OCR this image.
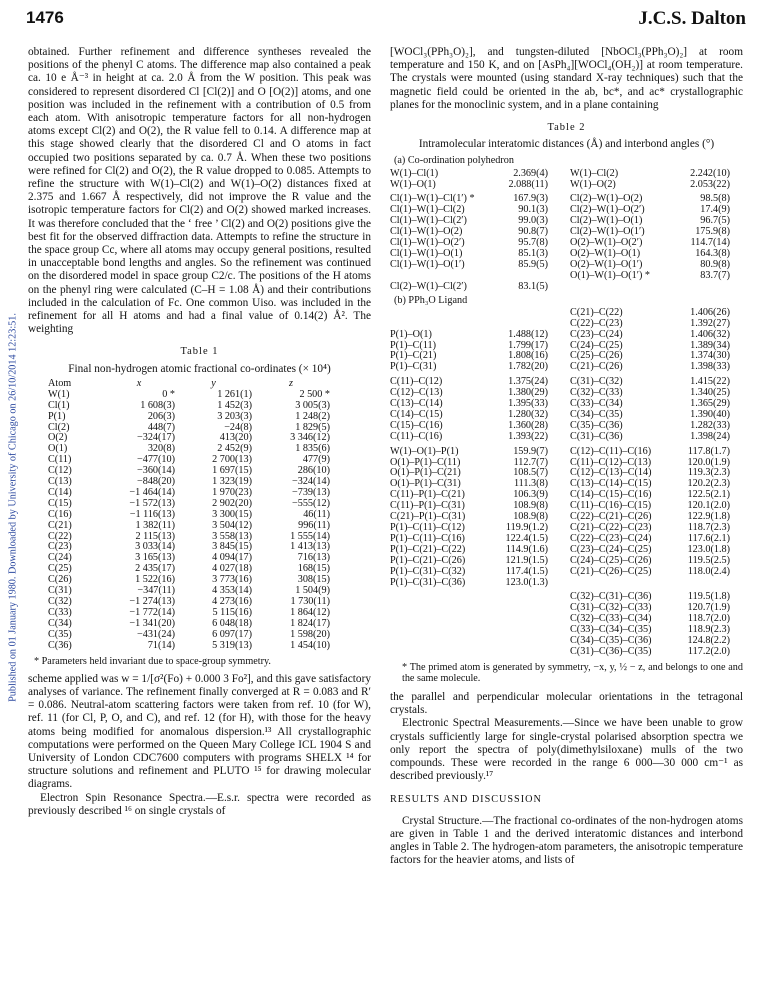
1476	J.C.S. Dalton
Published on 01 January 1980. Downloaded by University of Chicago on 26/10/2014 12:23:51.

obtained. Further refinement and difference syntheses revealed the positions of the phenyl C atoms. The difference map also contained a peak ca. 10 e Å⁻³ in height at ca. 2.0 Å from the W position. This peak was considered to represent disordered Cl [Cl(2)] and O [O(2)] atoms, and one position was included in the refinement with a contribution of 0.5 from each atom. With anisotropic temperature factors for all non-hydrogen atoms except Cl(2) and O(2), the R value fell to 0.14. A difference map at this stage showed clearly that the disordered Cl and O atoms in fact occupied two positions separated by ca. 0.7 Å. When these two positions were refined for Cl(2) and O(2), the R value dropped to 0.085. Attempts to refine the structure with W(1)–Cl(2) and W(1)–O(2) distances fixed at 2.375 and 1.667 Å respectively, did not improve the R value and the isotropic temperature factors for Cl(2) and O(2) showed marked increases. It was therefore concluded that the ‘ free ’ Cl(2) and O(2) positions give the best fit for the observed diffraction data. Attempts to refine the structure in the space group Cc, where all atoms may occupy general positions, resulted in unacceptable bond lengths and angles. So the refinement was continued on the disordered model in space group C2/c. The positions of the H atoms on the phenyl ring were calculated (C–H = 1.08 Å) and their contributions included in the calculation of Fc. One common Uiso. was included in the refinement for all H atoms and had a final value of 0.14(2) Å². The weighting

Table 1
Final non-hydrogen atomic fractional co-ordinates (× 10⁴)
Atom	x	y	z
W(1)	0 *	1 261(1)	2 500 *
Cl(1)	1 608(3)	1 452(3)	3 005(3)
P(1)	206(3)	3 203(3)	1 248(2)
Cl(2)	448(7)	−24(8)	1 829(5)
O(2)	−324(17)	413(20)	3 346(12)
O(1)	320(8)	2 452(9)	1 835(6)
C(11)	−477(10)	2 700(13)	477(9)
C(12)	−360(14)	1 697(15)	286(10)
C(13)	−848(20)	1 323(19)	−324(14)
C(14)	−1 464(14)	1 970(23)	−739(13)
C(15)	−1 572(13)	2 902(20)	−555(12)
C(16)	−1 116(13)	3 300(15)	46(11)
C(21)	1 382(11)	3 504(12)	996(11)
C(22)	2 115(13)	3 558(13)	1 555(14)
C(23)	3 033(14)	3 845(15)	1 413(13)
C(24)	3 165(13)	4 094(17)	716(13)
C(25)	2 435(17)	4 027(18)	168(15)
C(26)	1 522(16)	3 773(16)	308(15)
C(31)	−347(11)	4 353(14)	1 504(9)
C(32)	−1 274(13)	4 273(16)	1 730(11)
C(33)	−1 772(14)	5 115(16)	1 864(12)
C(34)	−1 341(20)	6 048(18)	1 824(17)
C(35)	−431(24)	6 097(17)	1 598(20)
C(36)	71(14)	5 319(13)	1 454(10)
* Parameters held invariant due to space-group symmetry.

scheme applied was w = 1/[σ²(Fo) + 0.000 3 Fo²], and this gave satisfactory analyses of variance. The refinement finally converged at R = 0.083 and R′ = 0.086. Neutral-atom scattering factors were taken from ref. 10 (for W), ref. 11 (for Cl, P, O, and C), and ref. 12 (for H), with those for the heavy atoms being modified for anomalous dispersion.¹³ All crystallographic computations were performed on the Queen Mary College ICL 1904 S and University of London CDC7600 computers with programs SHELX ¹⁴ for structure solutions and refinement and PLUTO ¹⁵ for drawing molecular diagrams.

Electron Spin Resonance Spectra.—E.s.r. spectra were recorded as previously described ¹⁶ on single crystals of

[WOCl₃(PPh₃O)₂], and tungsten-diluted [NbOCl₃(PPh₃O)₂] at room temperature and 150 K, and on [AsPh₄][WOCl₄(OH₂)] at room temperature. The crystals were mounted (using standard X-ray techniques) such that the magnetic field could be oriented in the ab, bc*, and ac* crystallographic planes for the monoclinic system, and in a plane containing

Table 2
Intramolecular interatomic distances (Å) and interbond angles (°)
(a) Co-ordination polyhedron
W(1)–Cl(1)	2.369(4)		W(1)–Cl(2)	2.242(10)
W(1)–O(1)	2.088(11)		W(1)–O(2)	2.053(22)
Cl(1)–W(1)–Cl(1′) *	167.9(3)		Cl(2)–W(1)–O(2)	98.5(8)
Cl(1)–W(1)–Cl(2)	90.1(3)		Cl(2)–W(1)–O(2′)	17.4(9)
Cl(1)–W(1)–Cl(2′)	99.0(3)		Cl(2)–W(1)–O(1)	96.7(5)
Cl(1)–W(1)–O(2)	90.8(7)		Cl(2)–W(1)–O(1′)	175.9(8)
Cl(1)–W(1)–O(2′)	95.7(8)		O(2)–W(1)–O(2′)	114.7(14)
Cl(1)–W(1)–O(1)	85.1(3)		O(2)–W(1)–O(1)	164.3(8)
Cl(1)–W(1)–O(1′)	85.9(5)		O(2)–W(1)–O(1′)	80.9(8)
			O(1)–W(1)–O(1′) *	83.7(7)
Cl(2)–W(1)–Cl(2′)	83.1(5)			
(b) PPh₃O Ligand
			C(21)–C(22)	1.406(26)
			C(22)–C(23)	1.392(27)
P(1)–O(1)	1.488(12)		C(23)–C(24)	1.406(32)
P(1)–C(11)	1.799(17)		C(24)–C(25)	1.389(34)
P(1)–C(21)	1.808(16)		C(25)–C(26)	1.374(30)
P(1)–C(31)	1.782(20)		C(21)–C(26)	1.398(33)
C(11)–C(12)	1.375(24)		C(31)–C(32)	1.415(22)
C(12)–C(13)	1.380(29)		C(32)–C(33)	1.340(25)
C(13)–C(14)	1.395(33)		C(33)–C(34)	1.365(29)
C(14)–C(15)	1.280(32)		C(34)–C(35)	1.390(40)
C(15)–C(16)	1.360(28)		C(35)–C(36)	1.282(33)
C(11)–C(16)	1.393(22)		C(31)–C(36)	1.398(24)
W(1)–O(1)–P(1)	159.9(7)		C(12)–C(11)–C(16)	117.8(1.7)
O(1)–P(1)–C(11)	112.7(7)		C(11)–C(12)–C(13)	120.0(1.9)
O(1)–P(1)–C(21)	108.5(7)		C(12)–C(13)–C(14)	119.3(2.3)
O(1)–P(1)–C(31)	111.3(8)		C(13)–C(14)–C(15)	120.2(2.3)
C(11)–P(1)–C(21)	106.3(9)		C(14)–C(15)–C(16)	122.5(2.1)
C(11)–P(1)–C(31)	108.9(8)		C(11)–C(16)–C(15)	120.1(2.0)
C(21)–P(1)–C(31)	108.9(8)		C(22)–C(21)–C(26)	122.9(1.8)
P(1)–C(11)–C(12)	119.9(1.2)		C(21)–C(22)–C(23)	118.7(2.3)
P(1)–C(11)–C(16)	122.4(1.5)		C(22)–C(23)–C(24)	117.6(2.1)
P(1)–C(21)–C(22)	114.9(1.6)		C(23)–C(24)–C(25)	123.0(1.8)
P(1)–C(21)–C(26)	121.9(1.5)		C(24)–C(25)–C(26)	119.5(2.5)
P(1)–C(31)–C(32)	117.4(1.5)		C(21)–C(26)–C(25)	118.0(2.4)
P(1)–C(31)–C(36)	123.0(1.3)			
			C(32)–C(31)–C(36)	119.5(1.8)
			C(31)–C(32)–C(33)	120.7(1.9)
			C(32)–C(33)–C(34)	118.7(2.0)
			C(33)–C(34)–C(35)	118.9(2.3)
			C(34)–C(35)–C(36)	124.8(2.2)
			C(31)–C(36)–C(35)	117.2(2.0)
* The primed atom is generated by symmetry, −x, y, ½ − z, and belongs to one and the same molecule.

the parallel and perpendicular molecular orientations in the tetragonal crystals.

Electronic Spectral Measurements.—Since we have been unable to grow crystals sufficiently large for single-crystal polarised absorption spectra we only report the spectra of poly(dimethylsiloxane) mulls of the two compounds. These were recorded in the range 6 000—30 000 cm⁻¹ as described previously.¹⁷

RESULTS AND DISCUSSION

Crystal Structure.—The fractional co-ordinates of the non-hydrogen atoms are given in Table 1 and the derived interatomic distances and interbond angles in Table 2. The hydrogen-atom parameters, the anisotropic temperature factors for the heavier atoms, and lists of
